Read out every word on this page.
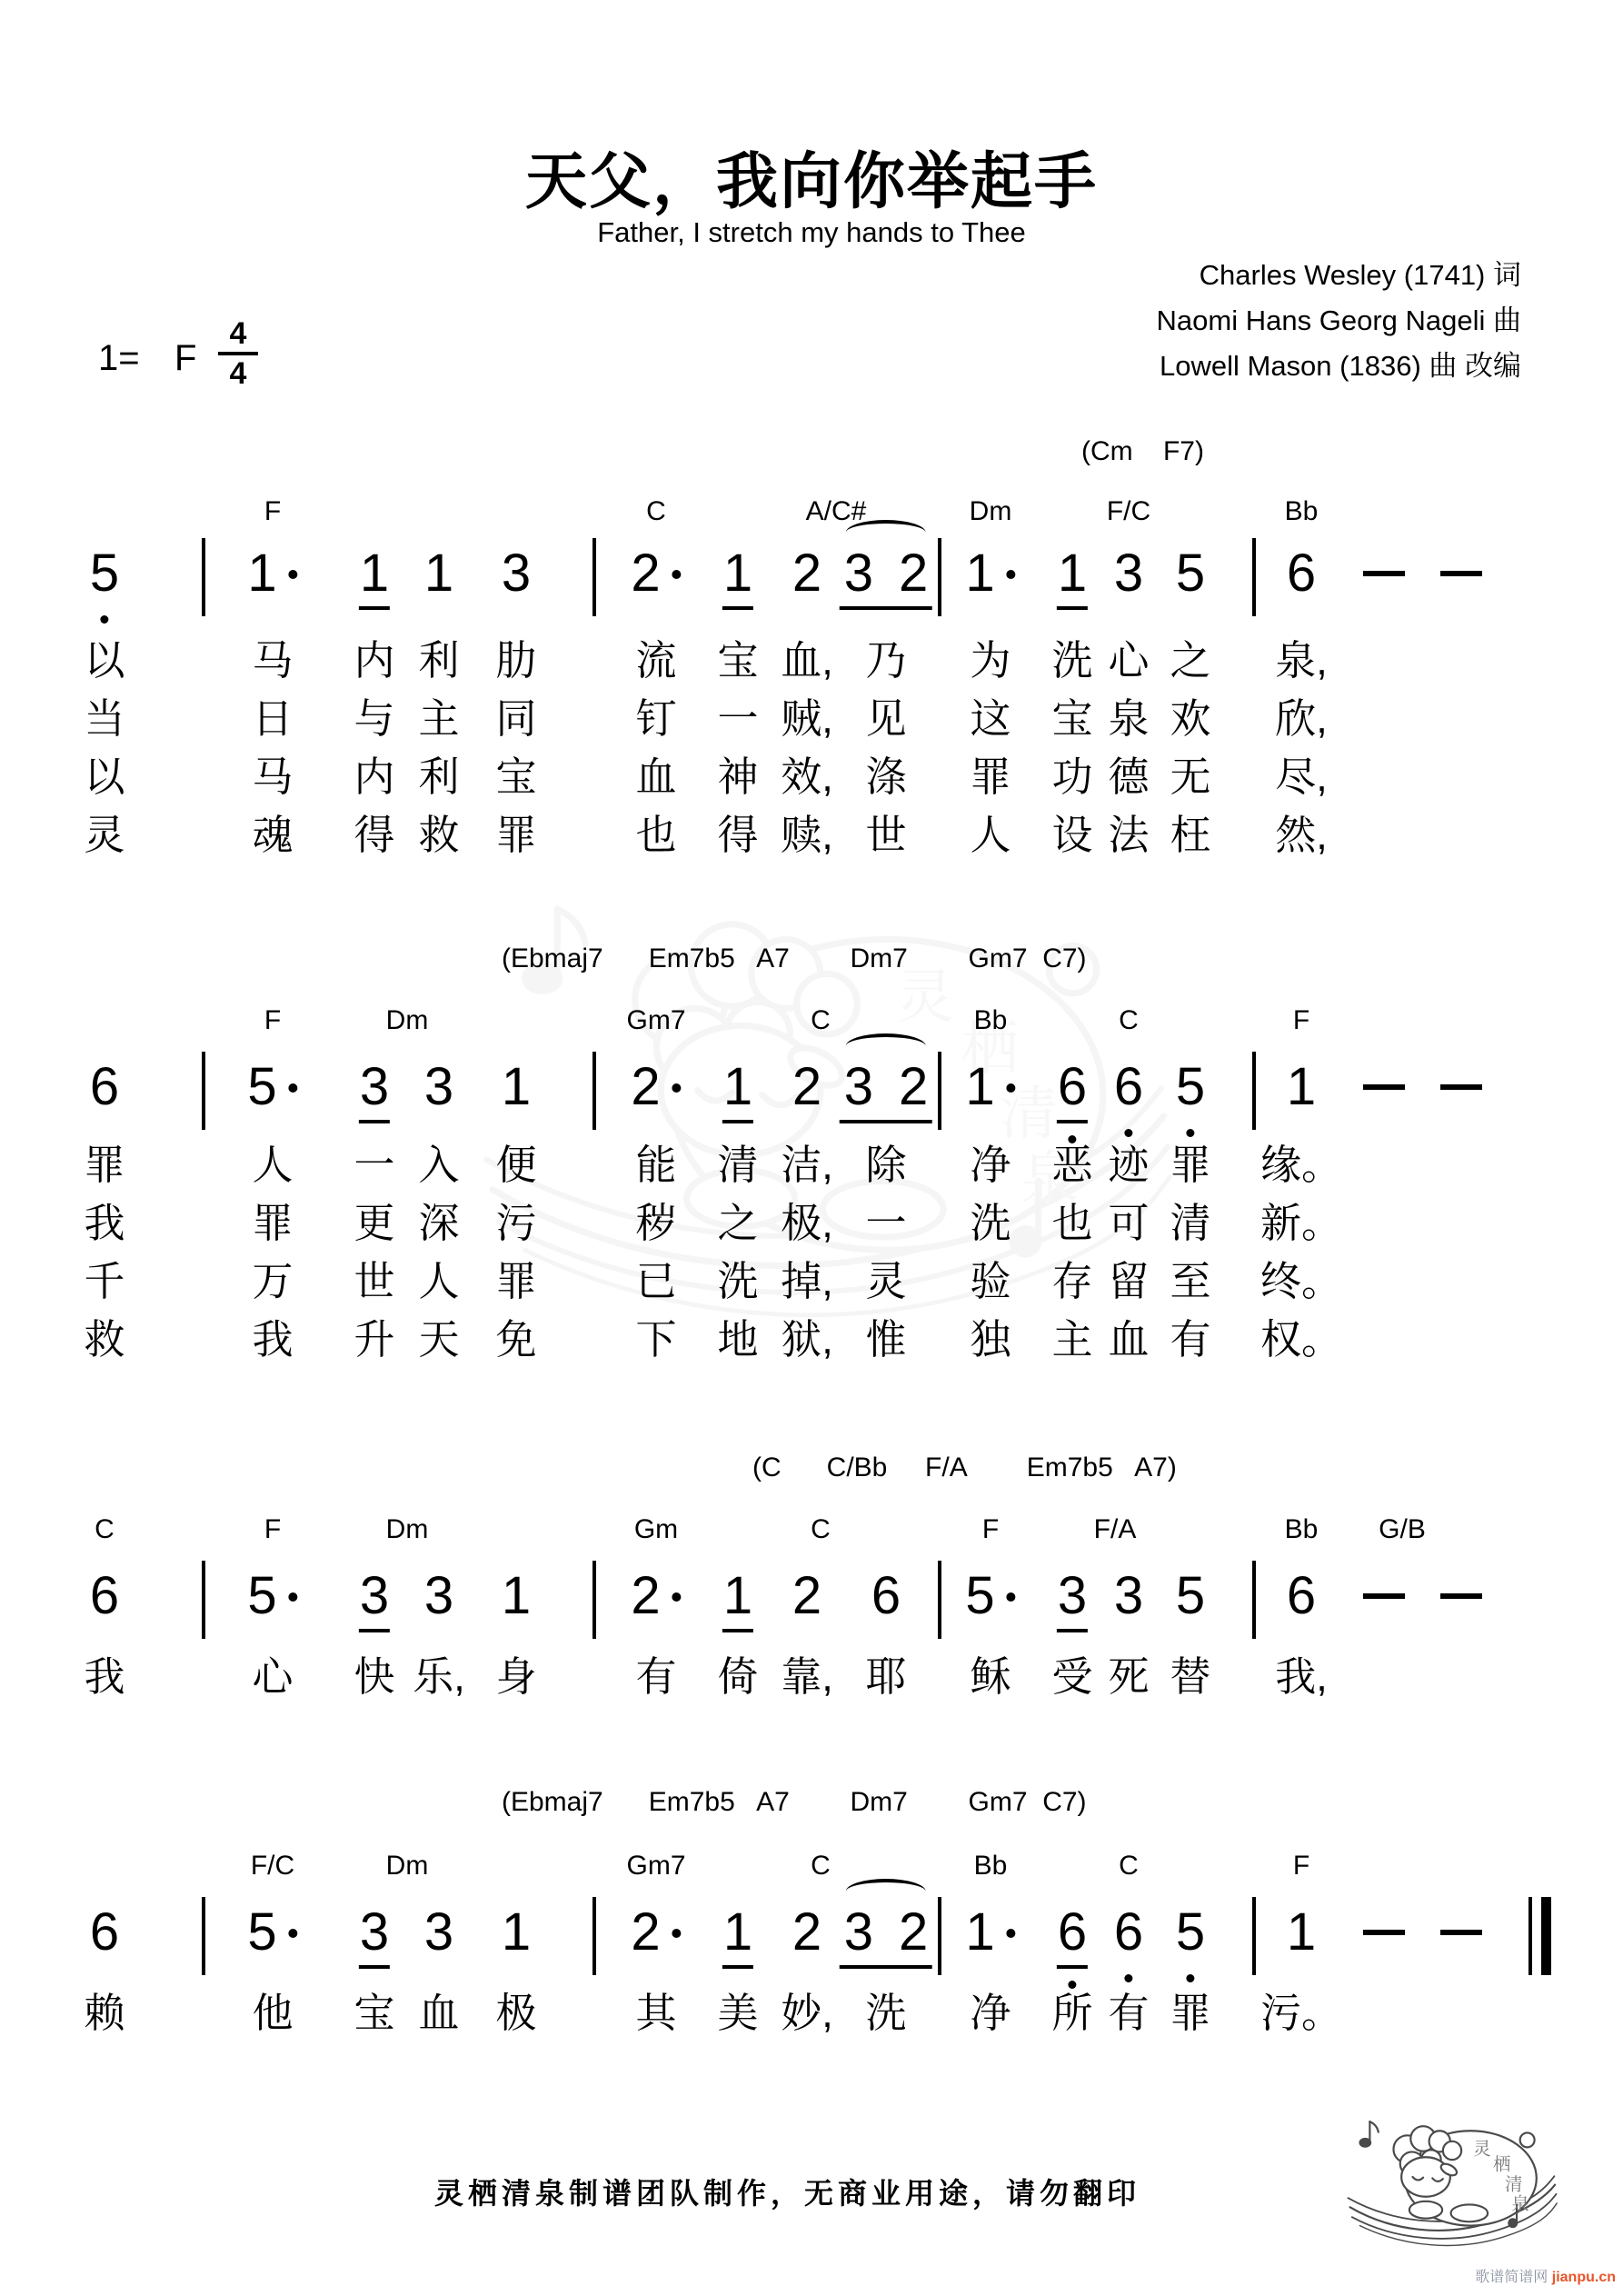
天父，我向你举起手
Father, I stretch my hands to Thee
Charles Wesley (1741) 词
Naomi Hans Georg Nageli 曲
Lowell Mason (1836) 曲 改编
1= F
4
4
(Cm    F7)
5
以
当
以
灵
F
1
马
日
马
魂
1
内
与
内
得
1
利
主
利
救
3
肋
同
宝
罪
C
2
流
钉
血
也
1
宝
一
神
得
2
血,
贼,
效,
赎,
A/C#
3 2
乃
见
涤
世
Dm
1
为
这
罪
人
1
洗
宝
功
设
F/C
3
心
泉
德
法
5
之
欢
无
枉
Bb
6
泉,
欣,
尽,
然,
(Ebmaj7      Em7b5   A7        Dm7        Gm7  C7)
6
罪
我
千
救
F
5
人
罪
万
我
3
一
更
世
升
Dm
3
入
深
人
天
1
便
污
罪
免
Gm7
2
能
秽
已
下
1
清
之
洗
地
C
2
洁,
极,
掉,
狱,
3 2
除
一
灵
惟
Bb
1
净
洗
验
独
6
恶
也
存
主
C
6
迹
可
留
血
5
罪
清
至
有
F
1
缘。
新。
终。
权。
(C      C/Bb     F/A        Em7b5   A7)
C
6
我
F
5
心
3
快
Dm
3
乐,
1
身
Gm
2
有
1
倚
C
2
靠,
6
耶
F
5
稣
3
受
F/A
3
死
5
替
Bb
6
我,
G/B
(Ebmaj7      Em7b5   A7        Dm7        Gm7  C7)
6
赖
F/C
5
他
3
宝
Dm
3
血
1
极
Gm7
2
其
1
美
C
2
妙,
3 2
洗
Bb
1
净
6
所
C
6
有
5
罪
F
1
污。
灵栖清泉制谱团队制作，无商业用途，请勿翻印
歌谱简谱网 jianpu.cn
